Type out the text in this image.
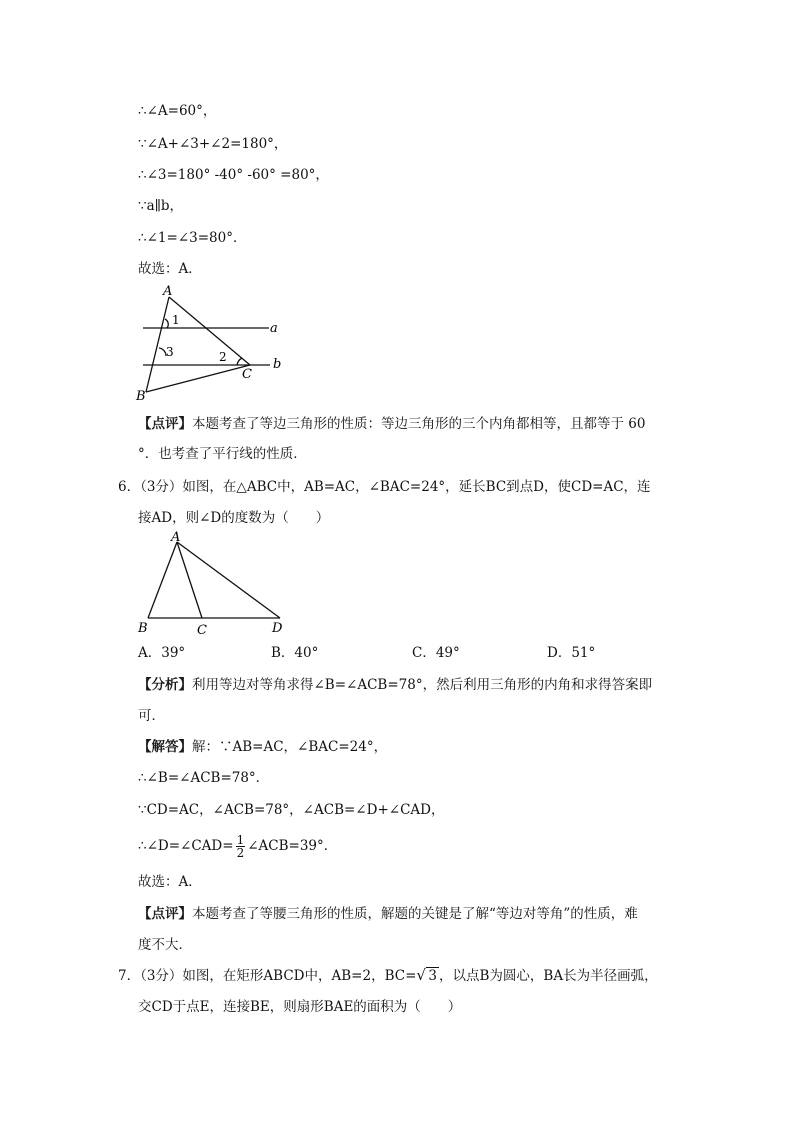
∴∠A=60°，
∵∠A+∠3+∠2=180°，
∴∠3=180° -40° -60° =80°，
∵a∥b，
∴∠1=∠3=80°．
故选：A．
A
B
C
a
b
1
2
3
【点评】本题考查了等边三角形的性质：等边三角形的三个内角都相等，且都等于 60
°．也考查了平行线的性质．
6．（3分）如图，在△ABC中，AB=AC，∠BAC=24°，延长BC到点D，使CD=AC，连
接AD，则∠D的度数为（　　）
A
B	C	D
A．39°	B．40°	C．49°	D．51°
【分析】利用等边对等角求得∠B=∠ACB=78°，然后利用三角形的内角和求得答案即
可．
【解答】解：∵AB=AC，∠BAC=24°，
∴∠B=∠ACB=78°．
∵CD=AC，∠ACB=78°，∠ACB=∠D+∠CAD，
∴∠D=∠CAD= $\frac{1}{2}$ ∠ACB=39°．
故选：A．
【点评】本题考查了等腰三角形的性质，解题的关键是了解“等边对等角”的性质，难
度不大．
7．（3分）如图，在矩形ABCD中，AB=2，BC= √ 3 ，以点B为圆心，BA长为半径画弧，
交CD于点E，连接BE，则扇形BAE的面积为（　　）
